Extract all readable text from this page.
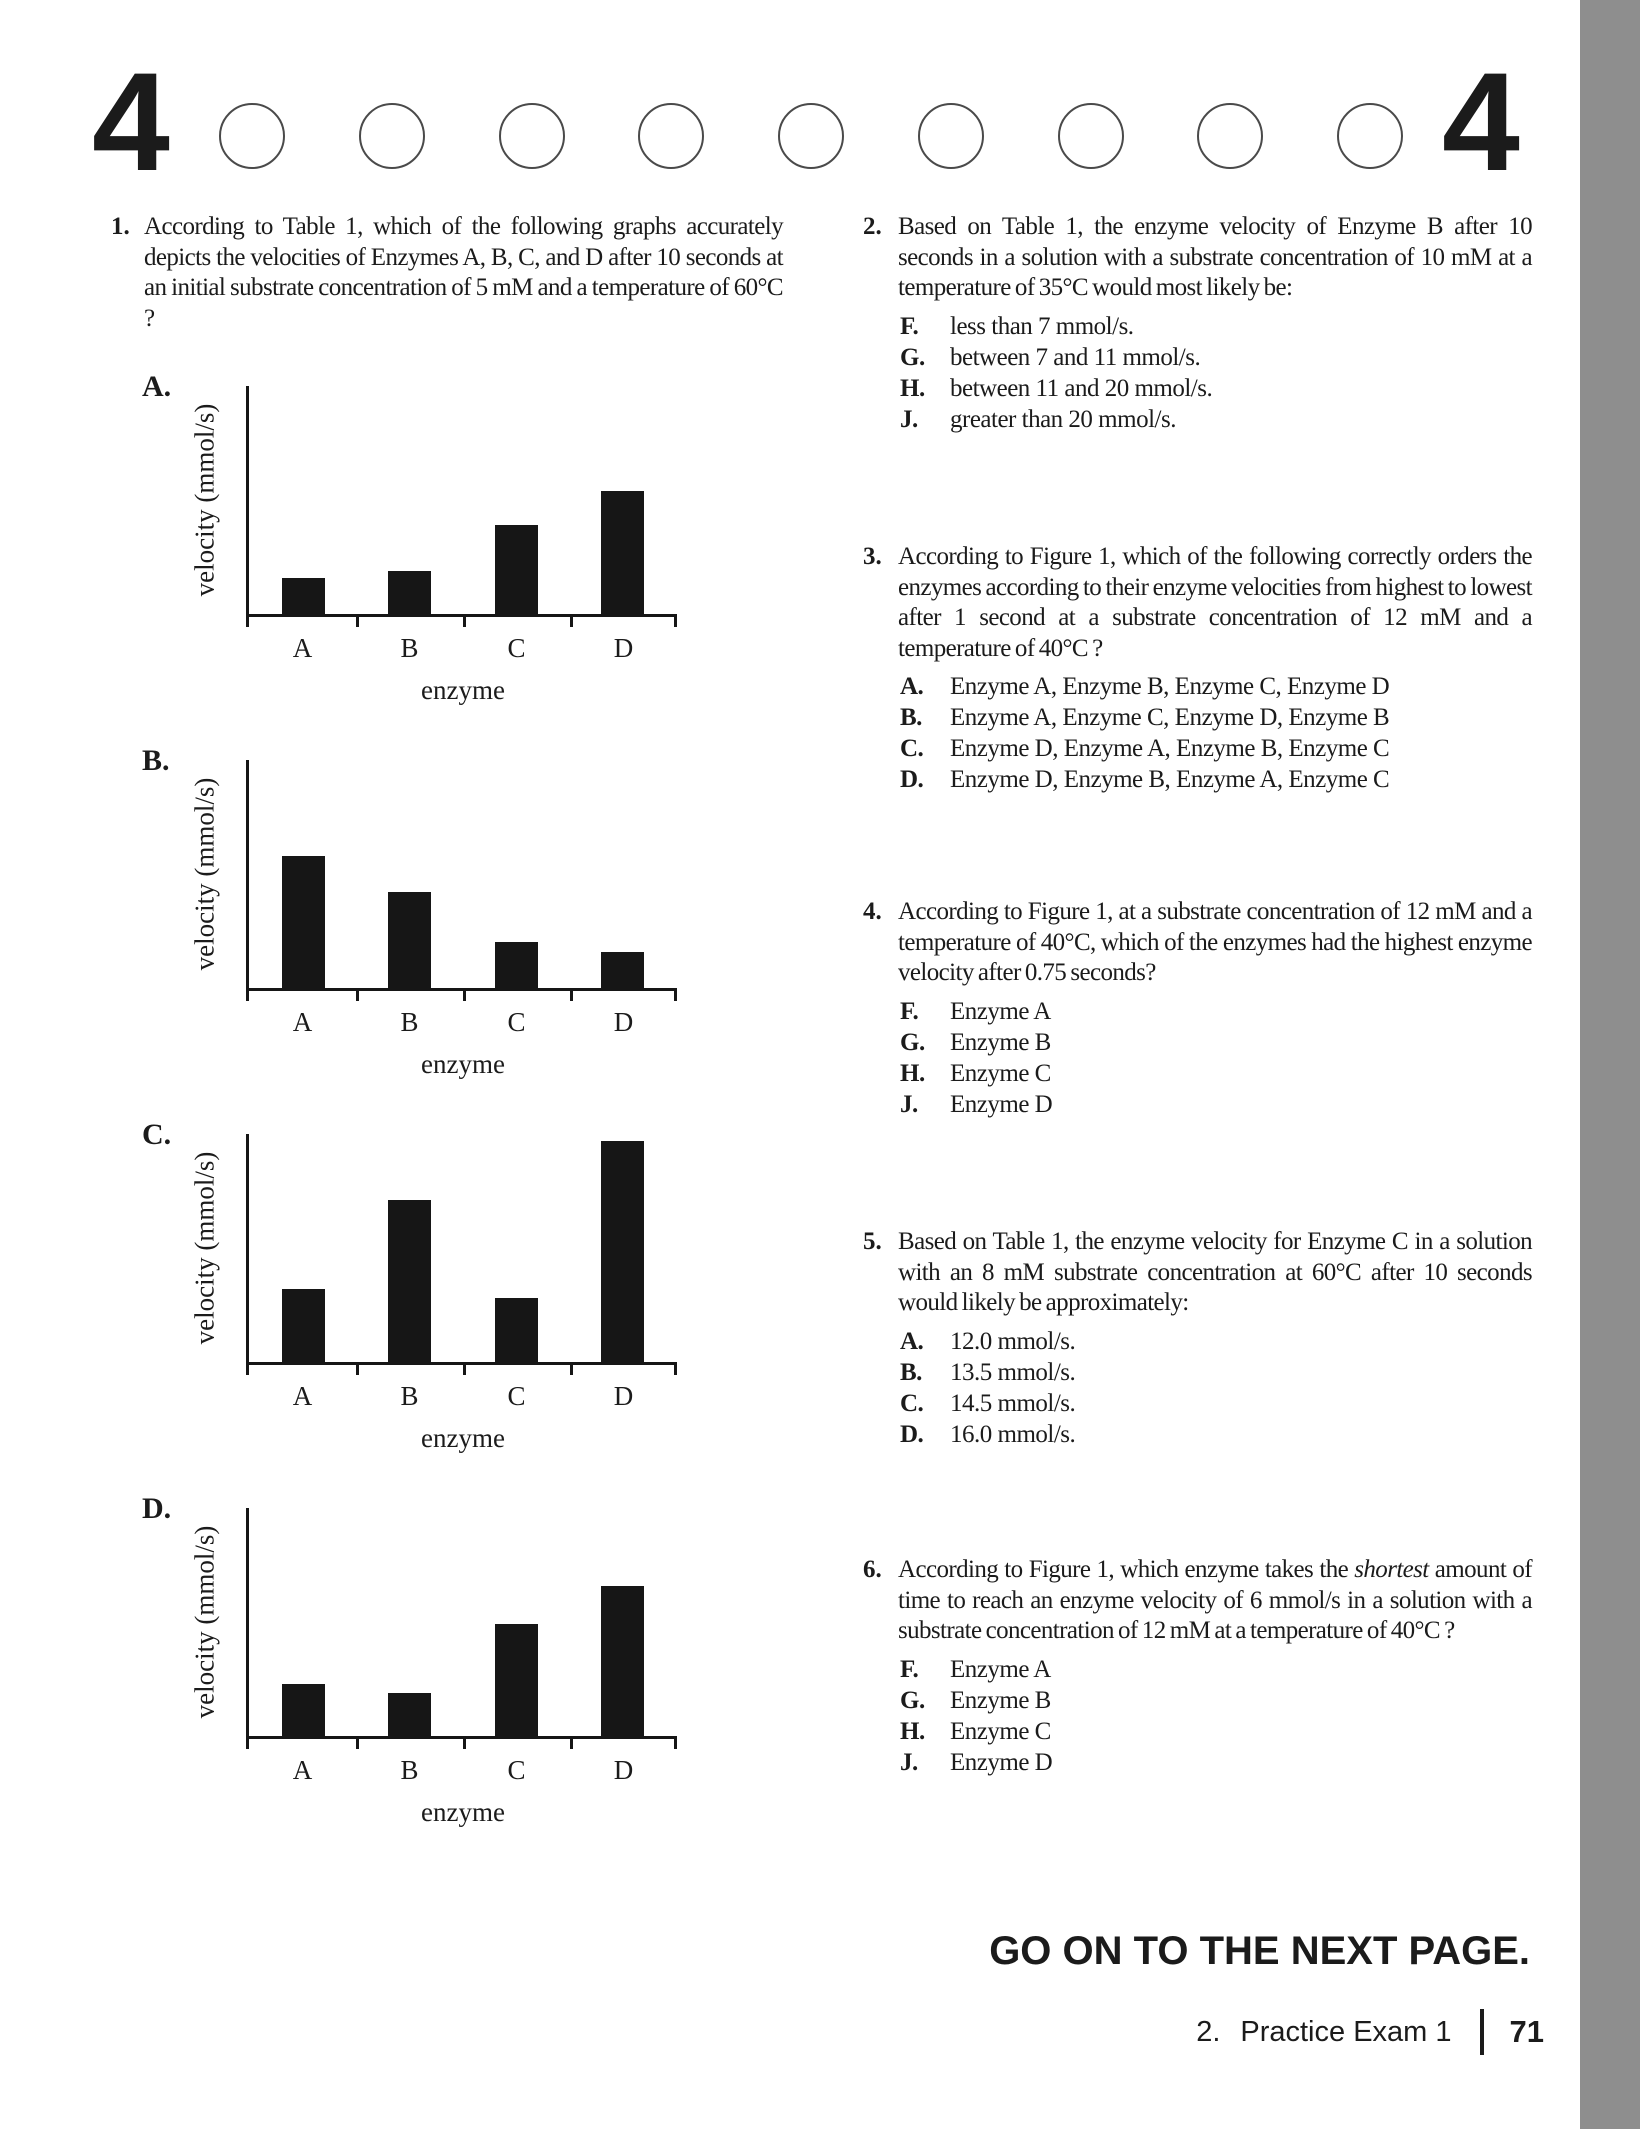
4	4
1. According to Table 1, which of the following graphs accurately depicts the velocities of Enzymes A, B, C, and D after 10 seconds at an initial substrate concentration of 5 mM and a temperature of 60°C ?

2. Based on Table 1, the enzyme velocity of Enzyme B after 10 seconds in a solution with a substrate concentration of 10 mM at a temperature of 35°C would most likely be:

F. less than 7 mmol/s.
G. between 7 and 11 mmol/s.
H. between 11 and 20 mmol/s.
J. greater than 20 mmol/s.
3. According to Figure 1, which of the following correctly orders the enzymes according to their enzyme velocities from highest to lowest after 1 second at a substrate concentration of 12 mM and a temperature of 40°C ?

A. Enzyme A, Enzyme B, Enzyme C, Enzyme D
B. Enzyme A, Enzyme C, Enzyme D, Enzyme B
C. Enzyme D, Enzyme A, Enzyme B, Enzyme C
D. Enzyme D, Enzyme B, Enzyme A, Enzyme C
4. According to Figure 1, at a substrate concentration of 12 mM and a temperature of 40°C, which of the enzymes had the highest enzyme velocity after 0.75 seconds?

F. Enzyme A
G. Enzyme B
H. Enzyme C
J. Enzyme D
5. Based on Table 1, the enzyme velocity for Enzyme C in a solution with an 8 mM substrate concentration at 60°C after 10 seconds would likely be approximately:

A. 12.0 mmol/s.
B. 13.5 mmol/s.
C. 14.5 mmol/s.
D. 16.0 mmol/s.
6. According to Figure 1, which enzyme takes the shortest amount of time to reach an enzyme velocity of 6 mmol/s in a solution with a substrate concentration of 12 mM at a temperature of 40°C ?

F. Enzyme A
G. Enzyme B
H. Enzyme C
J. Enzyme D
A.
velocity (mmol/s)
A	B	C	D
enzyme
B.
velocity (mmol/s)
A	B	C	D
enzyme
C.
velocity (mmol/s)
A	B	C	D
enzyme
D.
velocity (mmol/s)
A	B	C	D
enzyme
GO ON TO THE NEXT PAGE.
2. Practice Exam 1 71
